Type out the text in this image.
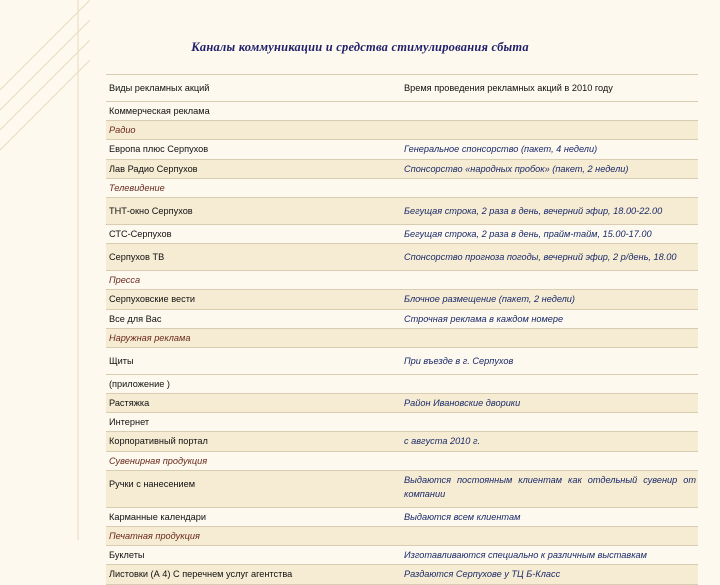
Каналы коммуникации и средства стимулирования сбыта
Виды рекламных акций	Время проведения рекламных акций в 2010 году
Коммерческая реклама
Радио
Европа плюс Серпухов	Генеральное спонсорство (пакет, 4 недели)
Лав Радио Серпухов	Спонсорство «народных пробок» (пакет, 2 недели)
Телевидение
ТНТ-окно Серпухов	Бегущая строка, 2 раза в день, вечерний эфир, 18.00-22.00
СТС-Серпухов	Бегущая строка, 2 раза в день, прайм-тайм, 15.00-17.00
Серпухов ТВ	Спонсорство прогноза погоды, вечерний эфир, 2 р/день, 18.00
Пресса
Серпуховские вести	Блочное размещение (пакет, 2 недели)
Все для Вас	Строчная реклама в каждом номере
Наружная реклама
Щиты	При въезде в г. Серпухов
(приложение )
Растяжка	Район Ивановские дворики
Интернет
Корпоративный портал	с августа 2010 г.
Сувенирная продукция
Ручки с нанесением	Выдаются постоянным клиентам как отдельный сувенир от компании
Карманные календари	Выдаются всем клиентам
Печатная продукция
Буклеты	Изготавливаются специально к различным выставкам
Листовки (А 4) С перечнем услуг агентства	Раздаются Серпухове у ТЦ Б-Класс
